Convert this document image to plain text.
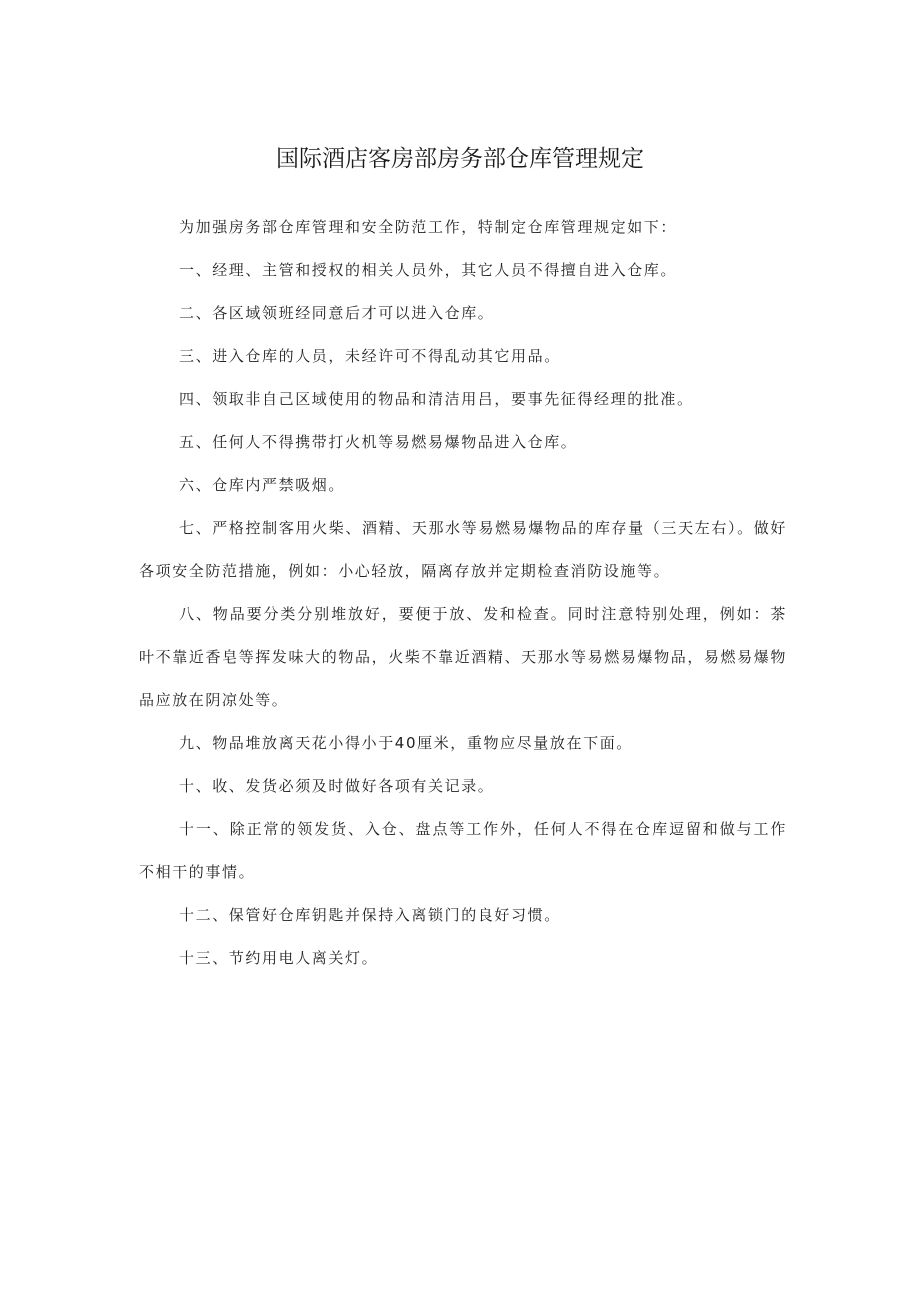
国际酒店客房部房务部仓库管理规定

为加强房务部仓库管理和安全防范工作，特制定仓库管理规定如下：

一、经理、主管和授权的相关人员外，其它人员不得擅自进入仓库。

二、各区域领班经同意后才可以进入仓库。

三、进入仓库的人员，未经许可不得乱动其它用品。

四、领取非自己区域使用的物品和清洁用吕，要事先征得经理的批准。

五、任何人不得携带打火机等易燃易爆物品进入仓库。

六、仓库内严禁吸烟。

七、严格控制客用火柴、酒精、天那水等易燃易爆物品的库存量（三天左右）。做好各项安全防范措施，例如：小心轻放，隔离存放并定期检查消防设施等。

八、物品要分类分别堆放好，要便于放、发和检查。同时注意特别处理，例如：茶叶不靠近香皂等挥发味大的物品，火柴不靠近酒精、天那水等易燃易爆物品，易燃易爆物品应放在阴凉处等。

九、物品堆放离天花小得小于40厘米，重物应尽量放在下面。

十、收、发货必须及时做好各项有关记录。

十一、除正常的领发货、入仓、盘点等工作外，任何人不得在仓库逗留和做与工作不相干的事情。

十二、保管好仓库钥匙并保持入离锁门的良好习惯。

十三、节约用电人离关灯。
